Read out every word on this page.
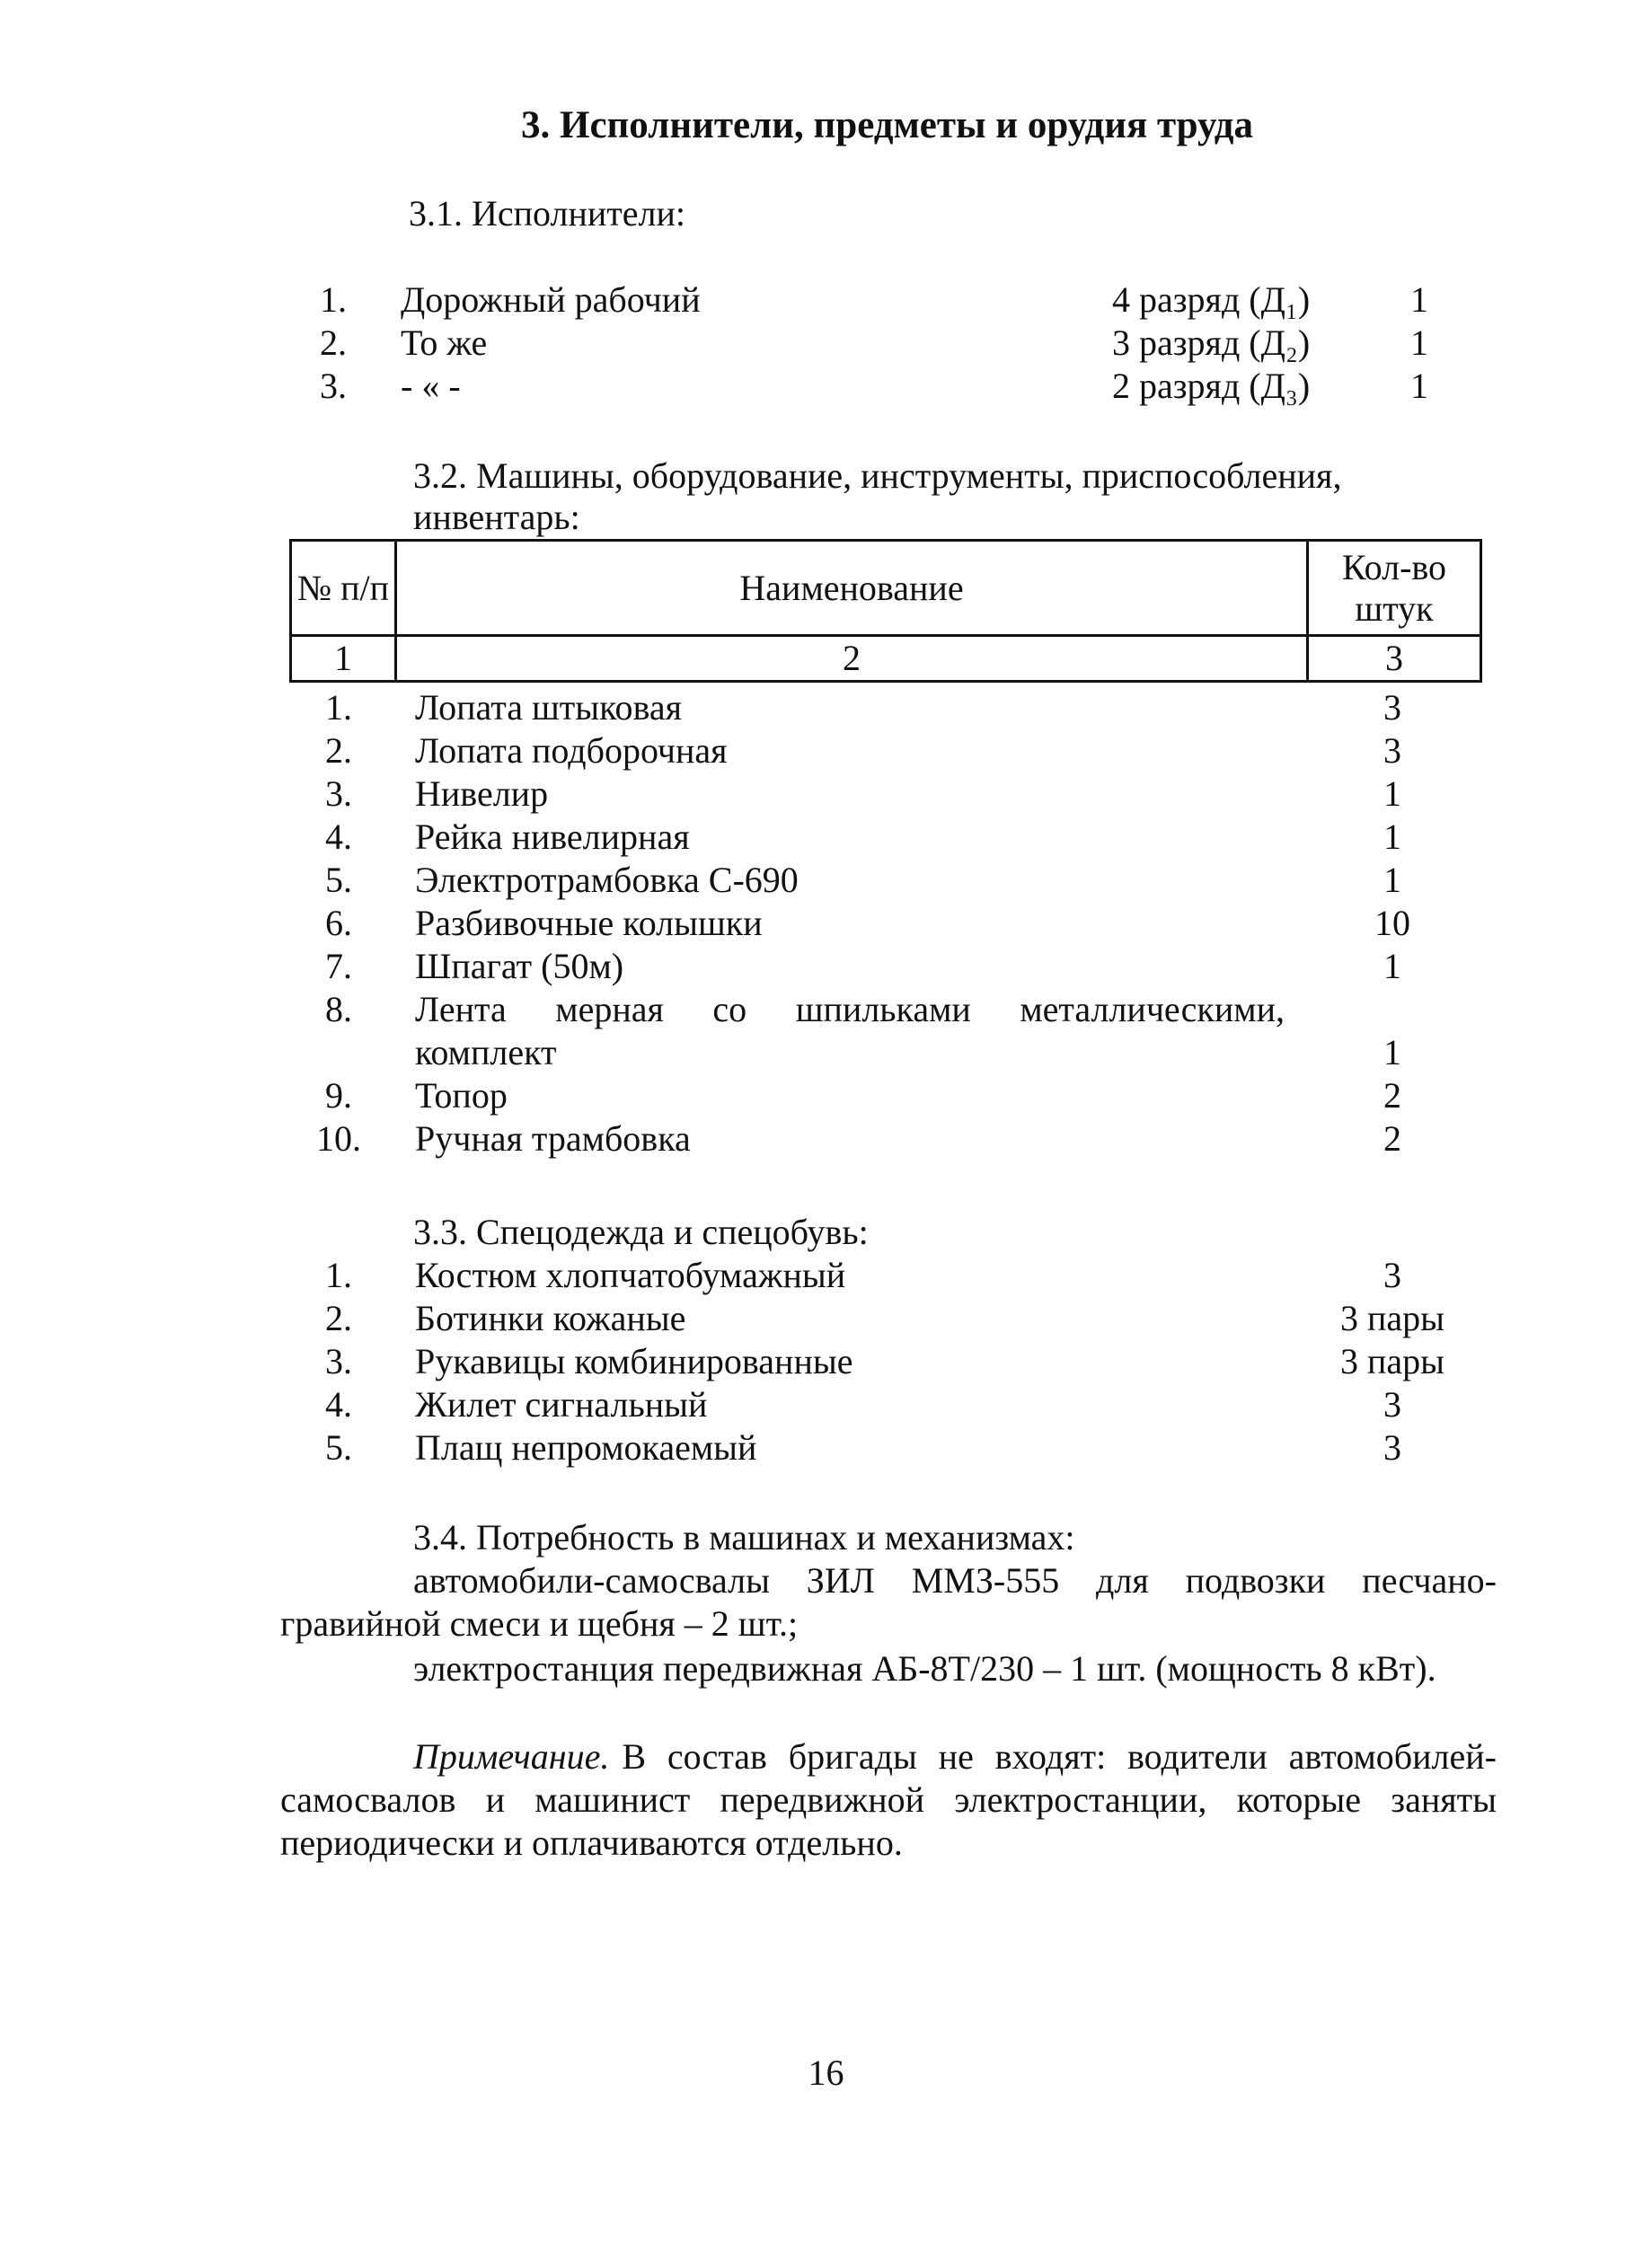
3. Исполнители, предметы и орудия труда
3.1. Исполнители:
1. Дорожный рабочий	4 разряд (Д₁)	1
2. То же	3 разряд (Д₂)	1
3. - « -	2 разряд (Д₃)	1
3.2. Машины, оборудование, инструменты, приспособления,
инвентарь:
№ п/п	Наименование	Кол-во штук
1	2	3
1. Лопата штыковая	3
2. Лопата подборочная	3
3. Нивелир	1
4. Рейка нивелирная	1
5. Электротрамбовка С-690	1
6. Разбивочные колышки	10
7. Шпагат (50м)	1
8. Лента мерная со шпильками металлическими,
комплект	1
9. Топор	2
10. Ручная трамбовка	2
3.3. Спецодежда и спецобувь:
1. Костюм хлопчатобумажный	3
2. Ботинки кожаные	3 пары
3. Рукавицы комбинированные	3 пары
4. Жилет сигнальный	3
5. Плащ непромокаемый	3
3.4. Потребность в машинах и механизмах:
автомобили-самосвалы ЗИЛ ММЗ-555 для подвозки песчано-
гравийной смеси и щебня – 2 шт.;
электростанция передвижная АБ-8Т/230 – 1 шт. (мощность 8 кВт).
Примечание. В состав бригады не входят: водители автомобилей-
самосвалов и машинист передвижной электростанции, которые заняты
периодически и оплачиваются отдельно.
16
